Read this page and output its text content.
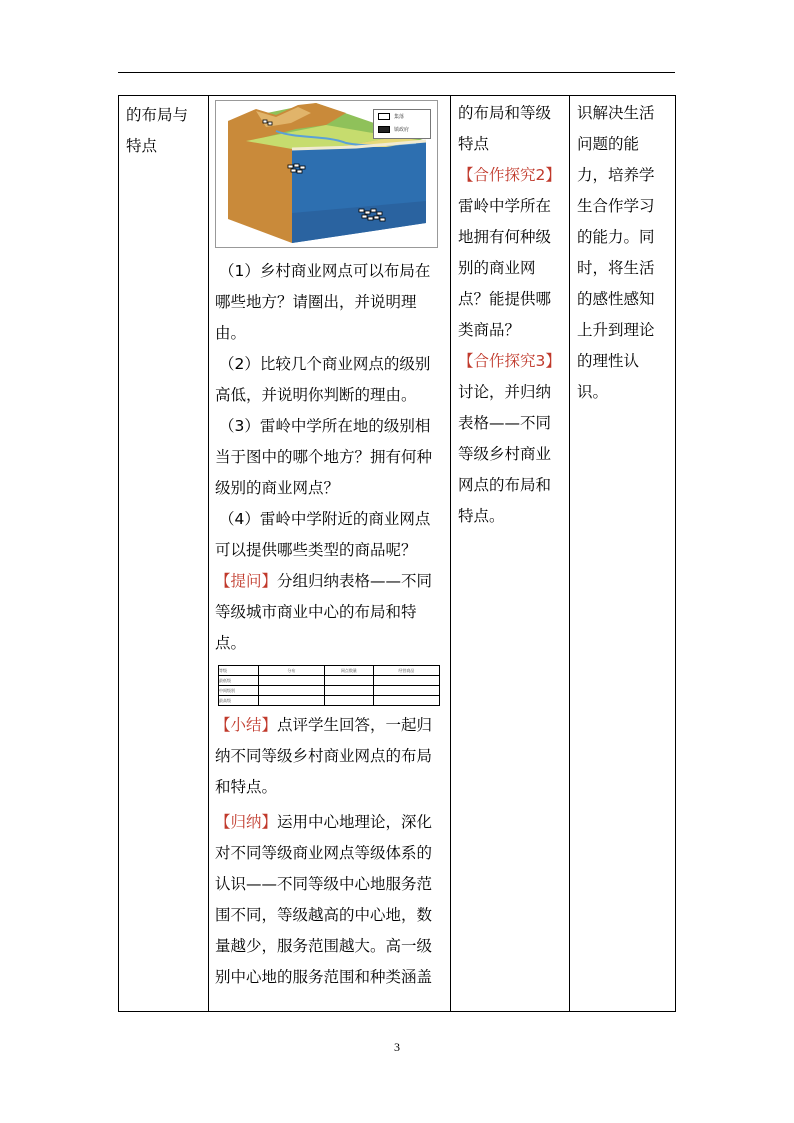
的布局与
特点

集落
镇政府
（1）乡村商业网点可以布局在哪些地方？请圈出，并说明理由。
（2）比较几个商业网点的级别高低，并说明你判断的理由。
（3）雷岭中学所在地的级别相当于图中的哪个地方？拥有何种级别的商业网点？
（4）雷岭中学附近的商业网点可以提供哪些类型的商品呢？
【提问】分组归纳表格——不同等级城市商业中心的布局和特点。
等级	分布	网点数量	经营商品
最低级			
中间级别			
最高级			
【小结】点评学生回答，一起归纳不同等级乡村商业网点的布局和特点。
【归纳】运用中心地理论，深化对不同等级商业网点等级体系的认识——不同等级中心地服务范围不同，等级越高的中心地，数量越少，服务范围越大。高一级别中心地的服务范围和种类涵盖

的布局和等级特点
【合作探究2】
雷岭中学所在地拥有何种级别的商业网点？能提供哪类商品？
【合作探究3】
讨论，并归纳表格——不同等级乡村商业网点的布局和特点。

识解决生活问题的能力，培养学生合作学习的能力。同时，将生活的感性感知上升到理论的理性认识。
3
